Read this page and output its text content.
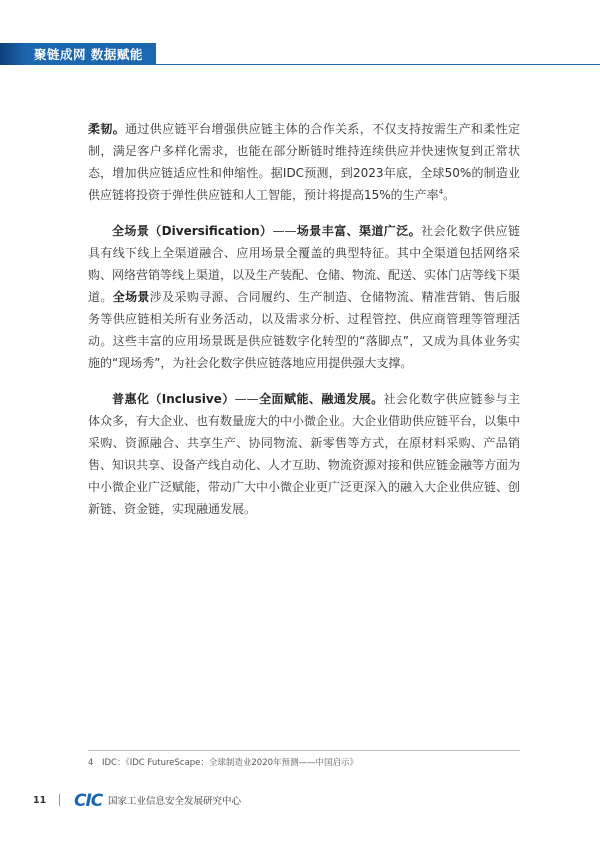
聚链成网 数据赋能

柔韧。通过供应链平台增强供应链主体的合作关系，不仅支持按需生产和柔性定制，满足客户多样化需求，也能在部分断链时维持连续供应并快速恢复到正常状态，增加供应链适应性和伸缩性。据IDC预测，到2023年底，全球50%的制造业供应链将投资于弹性供应链和人工智能，预计将提高15%的生产率$^4$。

全场景（Diversification）——场景丰富、渠道广泛。社会化数字供应链具有线下线上全渠道融合、应用场景全覆盖的典型特征。其中全渠道包括网络采购、网络营销等线上渠道，以及生产装配、仓储、物流、配送、实体门店等线下渠道。全场景涉及采购寻源、合同履约、生产制造、仓储物流、精准营销、售后服务等供应链相关所有业务活动，以及需求分析、过程管控、供应商管理等管理活动。这些丰富的应用场景既是供应链数字化转型的“落脚点”，又成为具体业务实施的“现场秀”，为社会化数字供应链落地应用提供强大支撑。

普惠化（Inclusive）——全面赋能、融通发展。社会化数字供应链参与主体众多，有大企业、也有数量庞大的中小微企业。大企业借助供应链平台，以集中采购、资源融合、共享生产、协同物流、新零售等方式，在原材料采购、产品销售、知识共享、设备产线自动化、人才互助、物流资源对接和供应链金融等方面为中小微企业广泛赋能，带动广大中小微企业更广泛更深入的融入大企业供应链、创新链、资金链，实现融通发展。

4 IDC：《IDC FutureScape：全球制造业2020年预测——中国启示》
11 CIC 国家工业信息安全发展研究中心
